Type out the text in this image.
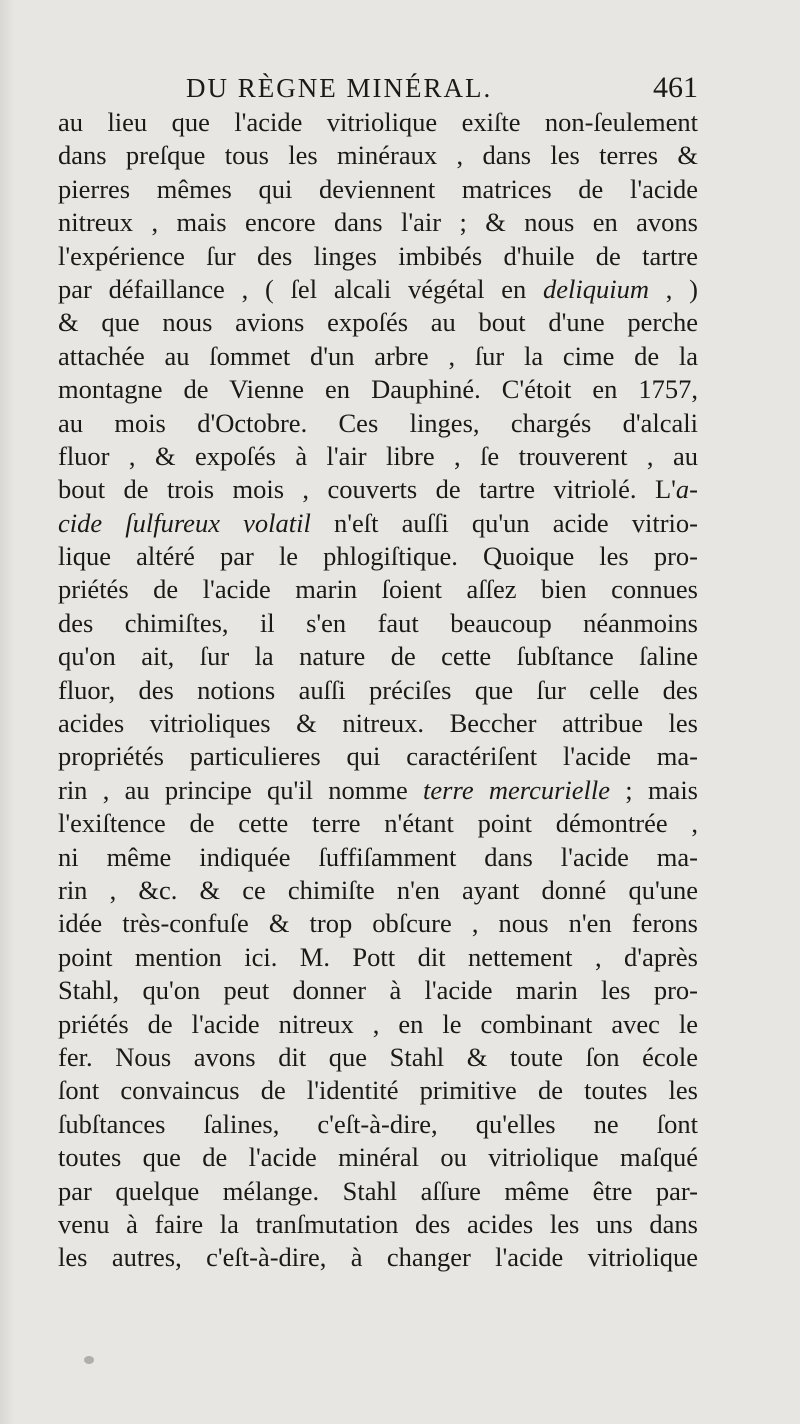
DU RÈGNE MINÉRAL.	461
au lieu que l'acide vitriolique exiſte non-ſeulement
dans preſque tous les minéraux , dans les terres &
pierres mêmes qui deviennent matrices de l'acide
nitreux , mais encore dans l'air ; & nous en avons
l'expérience ſur des linges imbibés d'huile de tartre
par défaillance , ( ſel alcali végétal en deliquium , )
& que nous avions expoſés au bout d'une perche
attachée au ſommet d'un arbre , ſur la cime de la
montagne de Vienne en Dauphiné. C'étoit en 1757,
au mois d'Octobre. Ces linges, chargés d'alcali
fluor , & expoſés à l'air libre , ſe trouverent , au
bout de trois mois , couverts de tartre vitriolé. L'a-
cide ſulfureux volatil n'eſt auſſi qu'un acide vitrio-
lique altéré par le phlogiſtique. Quoique les pro-
priétés de l'acide marin ſoient aſſez bien connues
des chimiſtes, il s'en faut beaucoup néanmoins
qu'on ait, ſur la nature de cette ſubſtance ſaline
fluor, des notions auſſi préciſes que ſur celle des
acides vitrioliques & nitreux. Beccher attribue les
propriétés particulieres qui caractériſent l'acide ma-
rin , au principe qu'il nomme terre mercurielle ; mais
l'exiſtence de cette terre n'étant point démontrée ,
ni même indiquée ſuffiſamment dans l'acide ma-
rin , &c. & ce chimiſte n'en ayant donné qu'une
idée très-confuſe & trop obſcure , nous n'en ferons
point mention ici. M. Pott dit nettement , d'après
Stahl, qu'on peut donner à l'acide marin les pro-
priétés de l'acide nitreux , en le combinant avec le
fer. Nous avons dit que Stahl & toute ſon école
ſont convaincus de l'identité primitive de toutes les
ſubſtances ſalines, c'eſt-à-dire, qu'elles ne ſont
toutes que de l'acide minéral ou vitriolique maſqué
par quelque mélange. Stahl aſſure même être par-
venu à faire la tranſmutation des acides les uns dans
les autres, c'eſt-à-dire, à changer l'acide vitriolique
